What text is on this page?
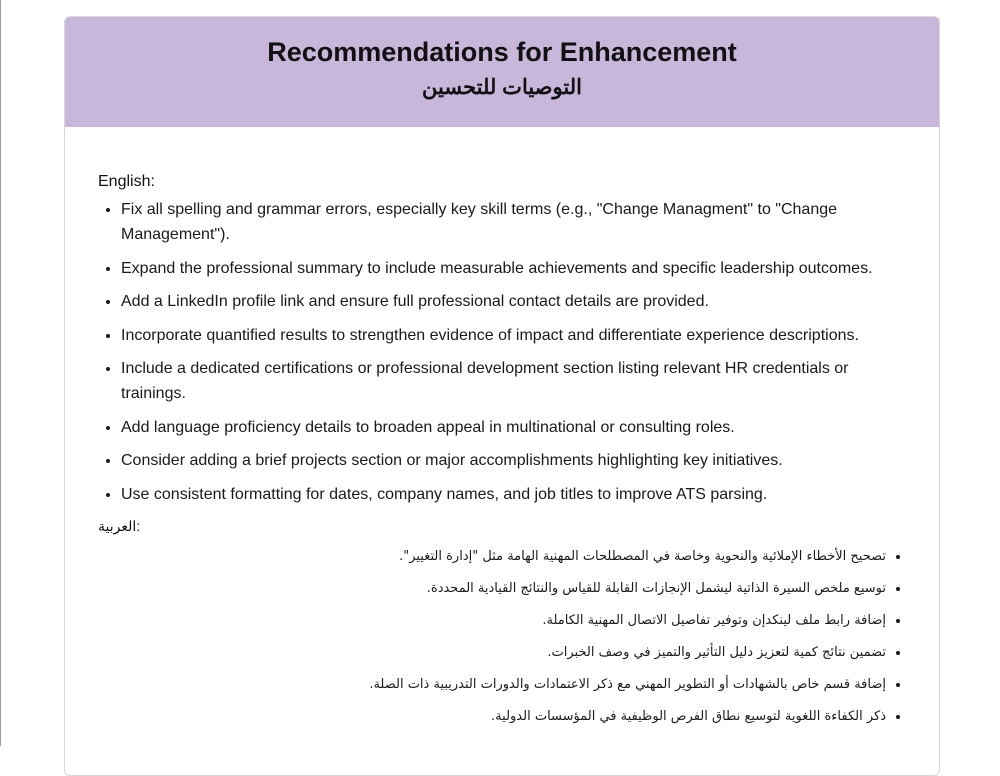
Recommendations for Enhancement
التوصيات للتحسين

English:

• Fix all spelling and grammar errors, especially key skill terms (e.g., "Change Managment" to "Change Management").
• Expand the professional summary to include measurable achievements and specific leadership outcomes.
• Add a LinkedIn profile link and ensure full professional contact details are provided.
• Incorporate quantified results to strengthen evidence of impact and differentiate experience descriptions.
• Include a dedicated certifications or professional development section listing relevant HR credentials or trainings.
• Add language proficiency details to broaden appeal in multinational or consulting roles.
• Consider adding a brief projects section or major accomplishments highlighting key initiatives.
• Use consistent formatting for dates, company names, and job titles to improve ATS parsing.

العربية:

• تصحيح الأخطاء الإملائية والنحوية وخاصة في المصطلحات المهنية الهامة مثل "إدارة التغيير".
• توسيع ملخص السيرة الذاتية ليشمل الإنجازات القابلة للقياس والنتائج القيادية المحددة.
• إضافة رابط ملف لينكدإن وتوفير تفاصيل الاتصال المهنية الكاملة.
• تضمين نتائج كمية لتعزيز دليل التأثير والتميز في وصف الخبرات.
• إضافة قسم خاص بالشهادات أو التطوير المهني مع ذكر الاعتمادات والدورات التدريبية ذات الصلة.
• ذكر الكفاءة اللغوية لتوسيع نطاق الفرص الوظيفية في المؤسسات الدولية.
